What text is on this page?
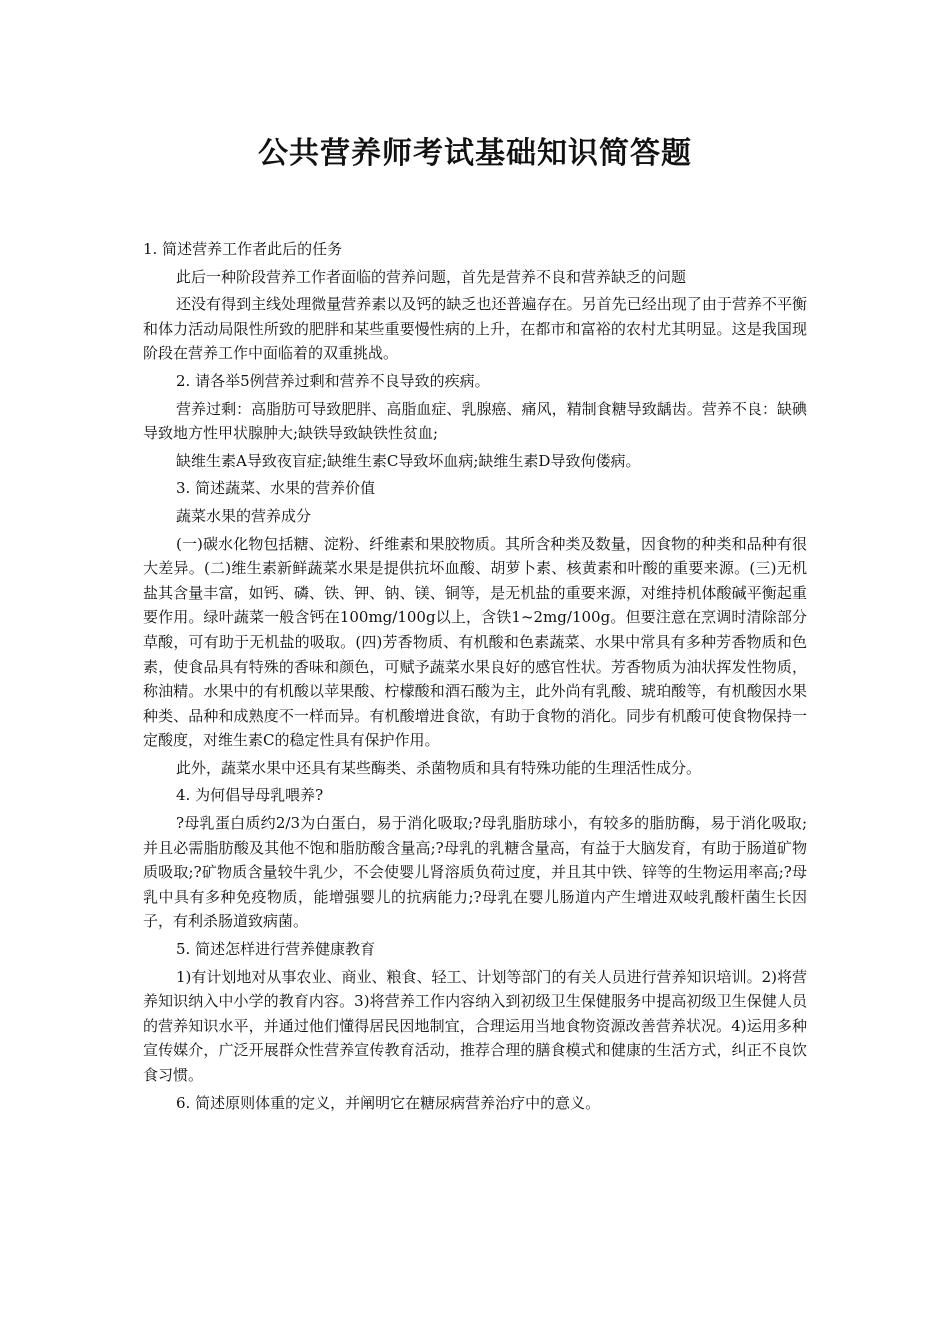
公共营养师考试基础知识简答题

1. 简述营养工作者此后的任务

此后一种阶段营养工作者面临的营养问题，首先是营养不良和营养缺乏的问题

还没有得到主线处理微量营养素以及钙的缺乏也还普遍存在。另首先已经出现了由于营养不平衡和体力活动局限性所致的肥胖和某些重要慢性病的上升，在都市和富裕的农村尤其明显。这是我国现阶段在营养工作中面临着的双重挑战。

2. 请各举5例营养过剩和营养不良导致的疾病。

营养过剩：高脂肪可导致肥胖、高脂血症、乳腺癌、痛风，精制食糖导致龋齿。营养不良：缺碘导致地方性甲状腺肿大;缺铁导致缺铁性贫血;

缺维生素A导致夜盲症;缺维生素C导致坏血病;缺维生素D导致佝偻病。

3. 简述蔬菜、水果的营养价值

蔬菜水果的营养成分

(一)碳水化物包括糖、淀粉、纤维素和果胶物质。其所含种类及数量，因食物的种类和品种有很大差异。(二)维生素新鲜蔬菜水果是提供抗坏血酸、胡萝卜素、核黄素和叶酸的重要来源。(三)无机盐其含量丰富，如钙、磷、铁、钾、钠、镁、铜等，是无机盐的重要来源，对维持机体酸碱平衡起重要作用。绿叶蔬菜一般含钙在100mg/100g以上，含铁1~2mg/100g。但要注意在烹调时清除部分草酸，可有助于无机盐的吸取。(四)芳香物质、有机酸和色素蔬菜、水果中常具有多种芳香物质和色素，使食品具有特殊的香味和颜色，可赋予蔬菜水果良好的感官性状。芳香物质为油状挥发性物质，称油精。水果中的有机酸以苹果酸、柠檬酸和酒石酸为主，此外尚有乳酸、琥珀酸等，有机酸因水果种类、品种和成熟度不一样而异。有机酸增进食欲，有助于食物的消化。同步有机酸可使食物保持一定酸度，对维生素C的稳定性具有保护作用。

此外，蔬菜水果中还具有某些酶类、杀菌物质和具有特殊功能的生理活性成分。

4. 为何倡导母乳喂养?

?母乳蛋白质约2/3为白蛋白，易于消化吸取;?母乳脂肪球小，有较多的脂肪酶，易于消化吸取;并且必需脂肪酸及其他不饱和脂肪酸含量高;?母乳的乳糖含量高，有益于大脑发育，有助于肠道矿物质吸取;?矿物质含量较牛乳少，不会使婴儿肾溶质负荷过度，并且其中铁、锌等的生物运用率高;?母乳中具有多种免疫物质，能增强婴儿的抗病能力;?母乳在婴儿肠道内产生增进双岐乳酸杆菌生长因子，有利杀肠道致病菌。

5. 简述怎样进行营养健康教育

1)有计划地对从事农业、商业、粮食、轻工、计划等部门的有关人员进行营养知识培训。2)将营养知识纳入中小学的教育内容。3)将营养工作内容纳入到初级卫生保健服务中提高初级卫生保健人员的营养知识水平，并通过他们懂得居民因地制宜，合理运用当地食物资源改善营养状况。4)运用多种宣传媒介，广泛开展群众性营养宣传教育活动，推荐合理的膳食模式和健康的生活方式，纠正不良饮食习惯。

6. 简述原则体重的定义，并阐明它在糖尿病营养治疗中的意义。
